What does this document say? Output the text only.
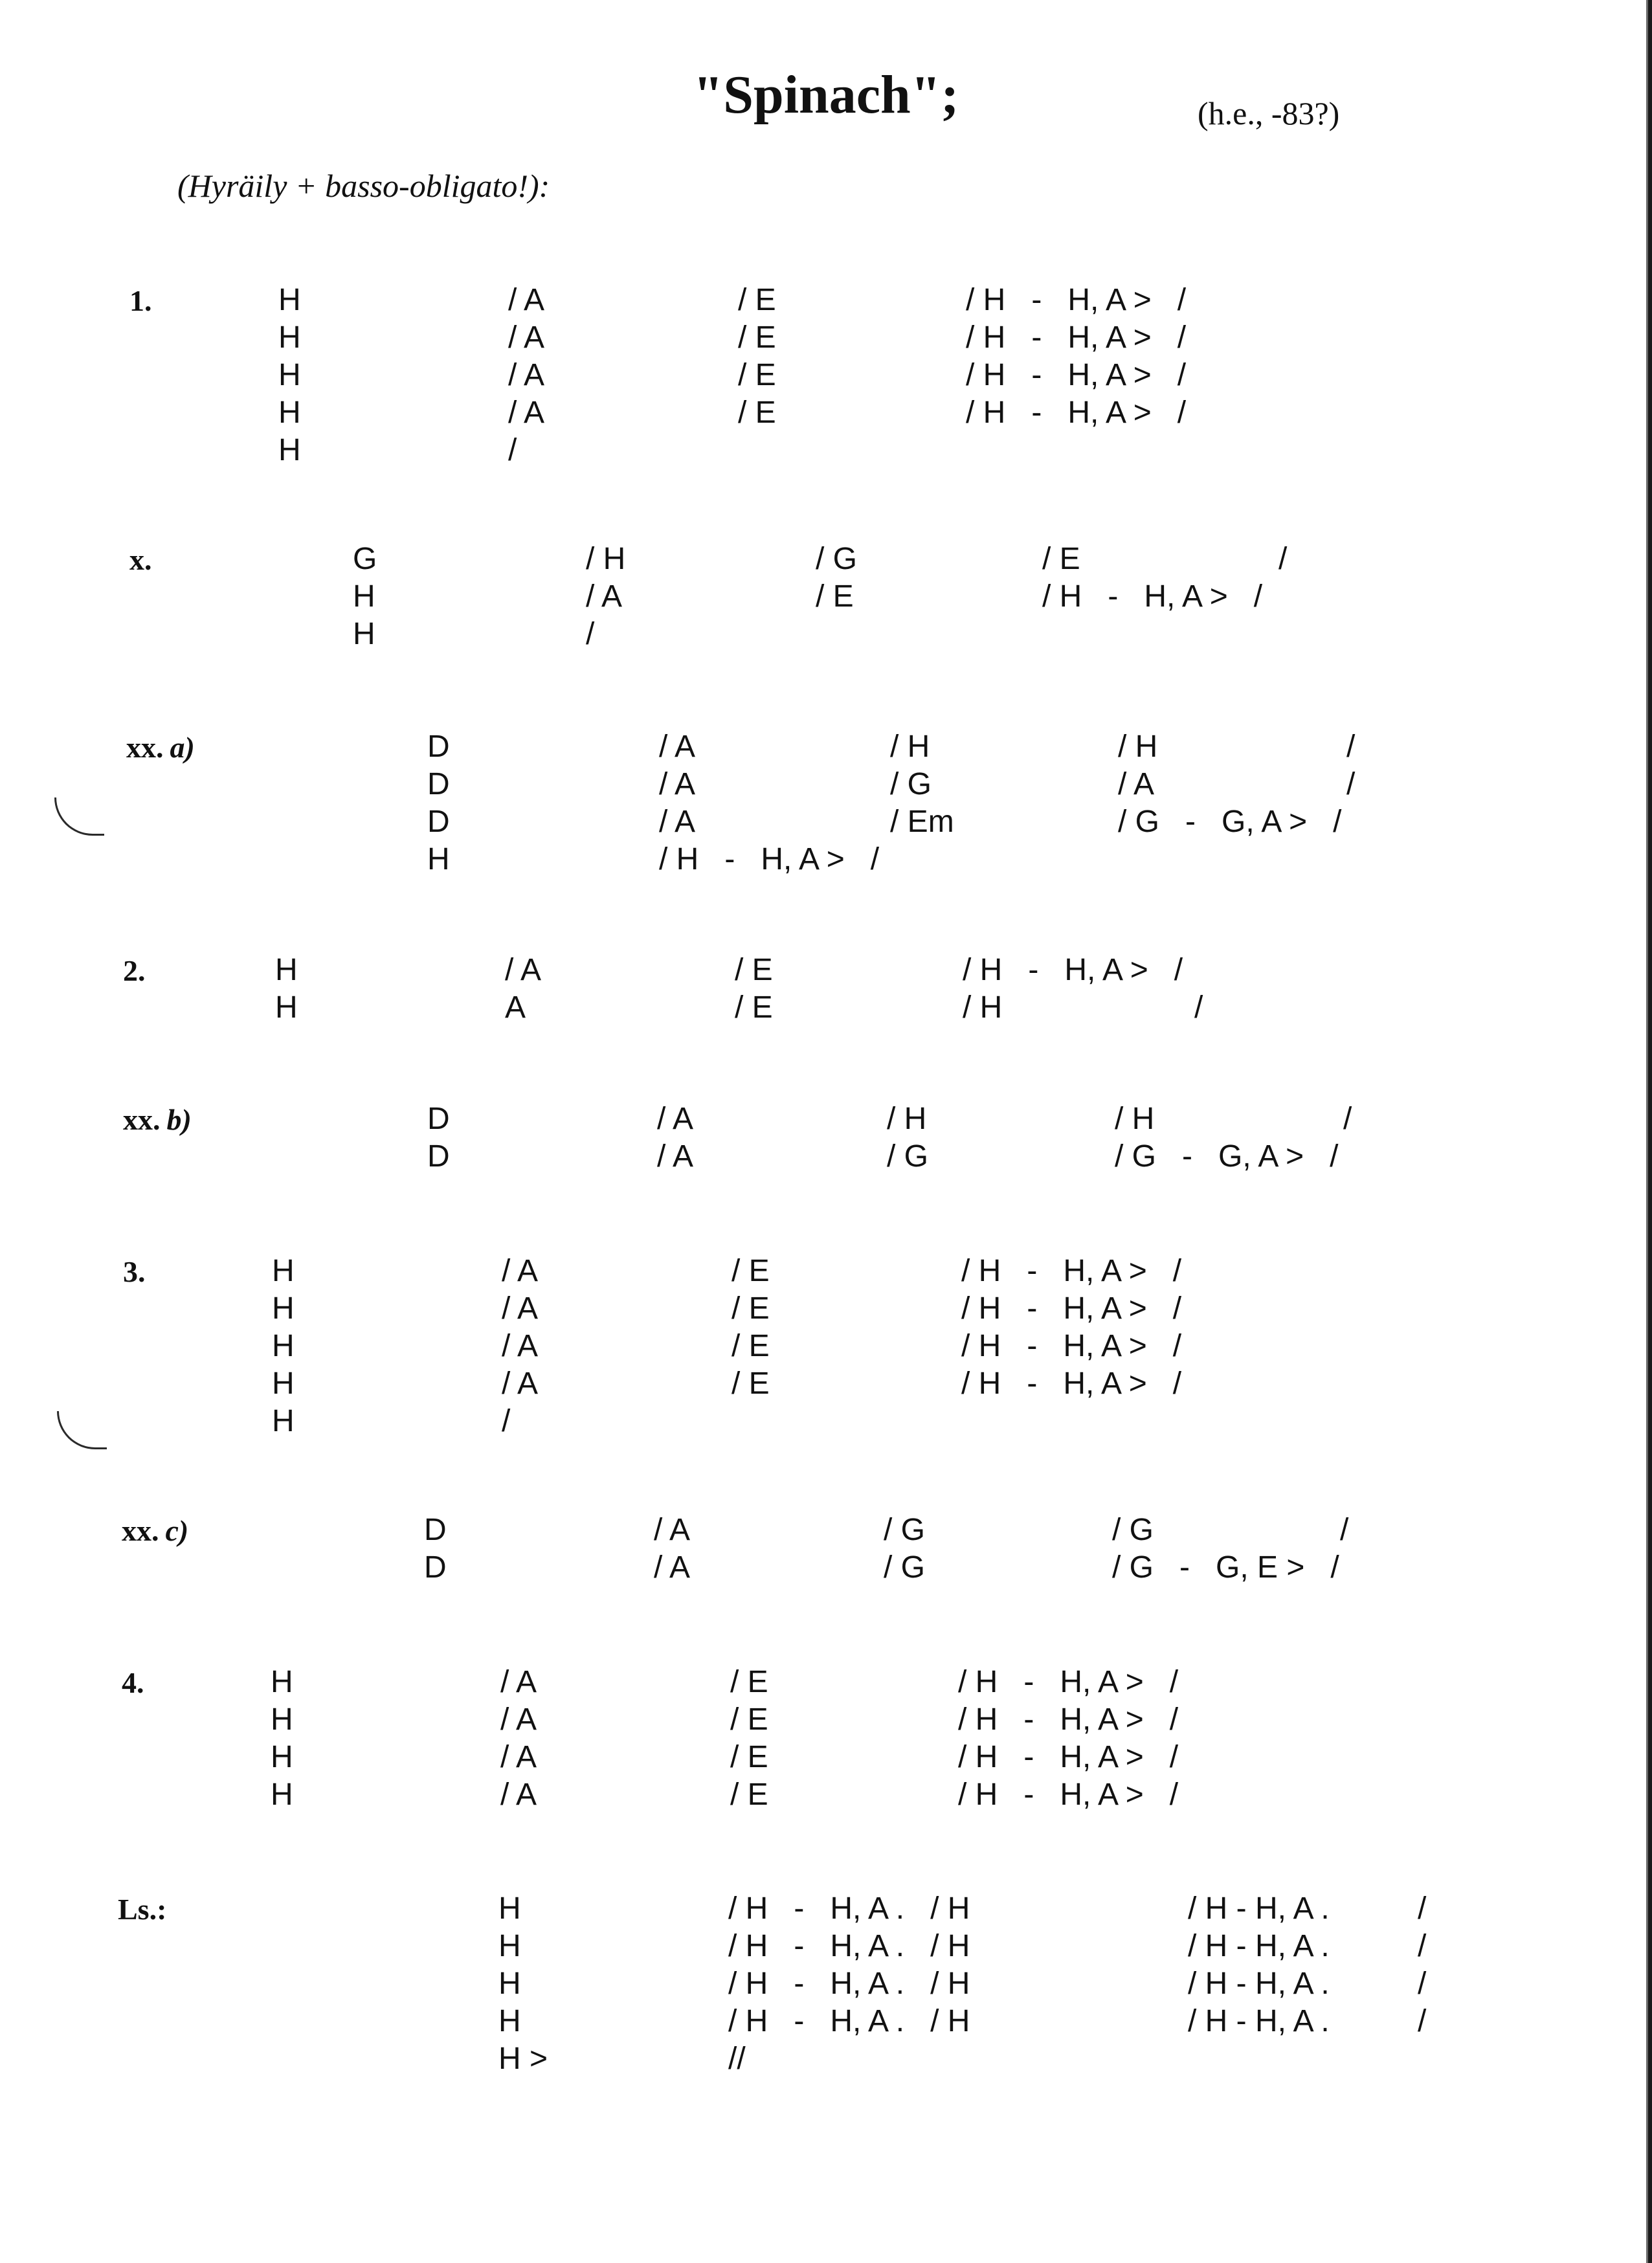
"Spinach";	(h.e., -83?)
(Hyräily + basso-obligato!):
1.	H	/ A	/ E	/ H   -   H, A >   /
H	/ A	/ E	/ H   -   H, A >   /
H	/ A	/ E	/ H   -   H, A >   /
H	/ A	/ E	/ H   -   H, A >   /
H	/
x.	G	/ H	/ G	/ E	/
H	/ A	/ E	/ H   -   H, A >   /
H	/
xx. a)	D	/ A	/ H	/ H	/
D	/ A	/ G	/ A	/
D	/ A	/ Em	/ G   -   G, A >   /
H	/ H   -   H, A >   /
2.	H	/ A	/ E	/ H   -   H, A >   /
H	A	/ E	/ H	/
xx. b)	D	/ A	/ H	/ H	/
D	/ A	/ G	/ G   -   G, A >   /
3.	H	/ A	/ E	/ H   -   H, A >   /
H	/ A	/ E	/ H   -   H, A >   /
H	/ A	/ E	/ H   -   H, A >   /
H	/ A	/ E	/ H   -   H, A >   /
H	/
xx. c)	D	/ A	/ G	/ G	/
D	/ A	/ G	/ G   -   G, E >   /
4.	H	/ A	/ E	/ H   -   H, A >   /
H	/ A	/ E	/ H   -   H, A >   /
H	/ A	/ E	/ H   -   H, A >   /
H	/ A	/ E	/ H   -   H, A >   /
Ls.:	H	/ H   -   H, A .   / H	/ H - H, A .	/
H	/ H   -   H, A .   / H	/ H - H, A .	/
H	/ H   -   H, A .   / H	/ H - H, A .	/
H	/ H   -   H, A .   / H	/ H - H, A .	/
H >	//
